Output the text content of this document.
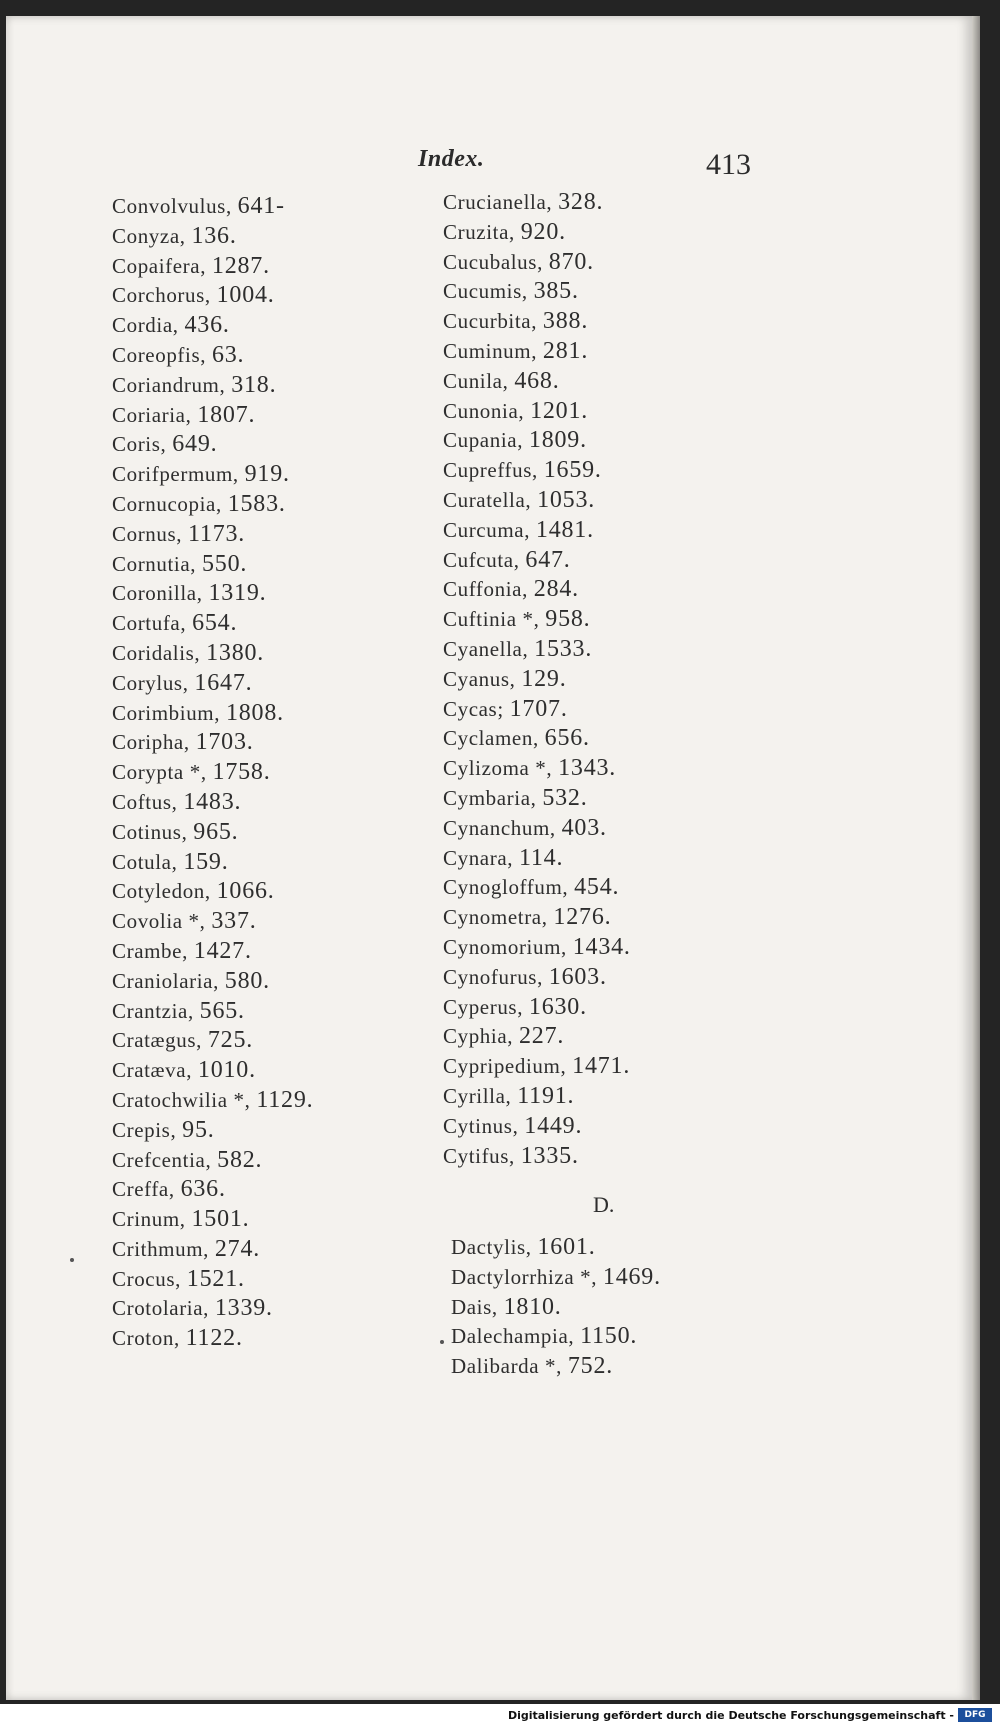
Index.	413
Convolvulus, 641-
Conyza, 136.
Copaifera, 1287.
Corchorus, 1004.
Cordia, 436.
Coreopfis, 63.
Coriandrum, 318.
Coriaria, 1807.
Coris, 649.
Corifpermum, 919.
Cornucopia, 1583.
Cornus, 1173.
Cornutia, 550.
Coronilla, 1319.
Cortufa, 654.
Coridalis, 1380.
Corylus, 1647.
Corimbium, 1808.
Coripha, 1703.
Corypta *, 1758.
Coftus, 1483.
Cotinus, 965.
Cotula, 159.
Cotyledon, 1066.
Covolia *, 337.
Crambe, 1427.
Craniolaria, 580.
Crantzia, 565.
Cratægus, 725.
Cratæva, 1010.
Cratochwilia *, 1129.
Crepis, 95.
Crefcentia, 582.
Creffa, 636.
Crinum, 1501.
Crithmum, 274.
Crocus, 1521.
Crotolaria, 1339.
Croton, 1122.
Crucianella, 328.
Cruzita, 920.
Cucubalus, 870.
Cucumis, 385.
Cucurbita, 388.
Cuminum, 281.
Cunila, 468.
Cunonia, 1201.
Cupania, 1809.
Cupreffus, 1659.
Curatella, 1053.
Curcuma, 1481.
Cufcuta, 647.
Cuffonia, 284.
Cuftinia *, 958.
Cyanella, 1533.
Cyanus, 129.
Cycas; 1707.
Cyclamen, 656.
Cylizoma *, 1343.
Cymbaria, 532.
Cynanchum, 403.
Cynara, 114.
Cynogloffum, 454.
Cynometra, 1276.
Cynomorium, 1434.
Cynofurus, 1603.
Cyperus, 1630.
Cyphia, 227.
Cypripedium, 1471.
Cyrilla, 1191.
Cytinus, 1449.
Cytifus, 1335.
D.
Dactylis, 1601.
Dactylorrhiza *, 1469.
Dais, 1810.
Dalechampia, 1150.
Dalibarda *, 752.
Digitalisierung gefördert durch die Deutsche Forschungsgemeinschaft -	DFG
